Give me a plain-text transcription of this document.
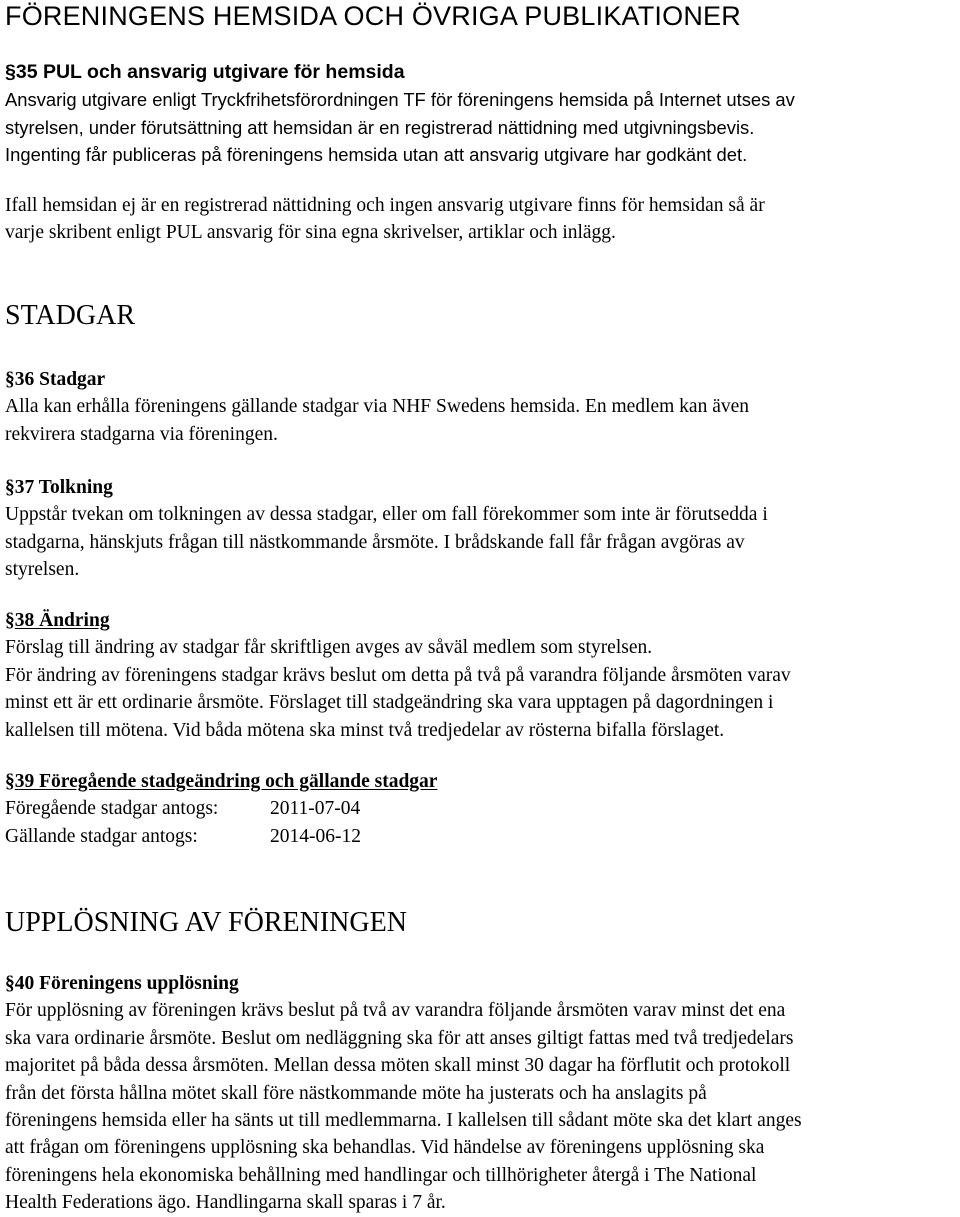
FÖRENINGENS HEMSIDA OCH ÖVRIGA PUBLIKATIONER
§35 PUL och ansvarig utgivare för hemsida
Ansvarig utgivare enligt Tryckfrihetsförordningen TF för föreningens hemsida på Internet utses av
styrelsen, under förutsättning att hemsidan är en registrerad nättidning med utgivningsbevis.
Ingenting får publiceras på föreningens hemsida utan att ansvarig utgivare har godkänt det.
Ifall hemsidan ej är en registrerad nättidning och ingen ansvarig utgivare finns för hemsidan så är
varje skribent enligt PUL ansvarig för sina egna skrivelser, artiklar och inlägg.
STADGAR
§36 Stadgar
Alla kan erhålla föreningens gällande stadgar via NHF Swedens hemsida. En medlem kan även
rekvirera stadgarna via föreningen.
§37 Tolkning
Uppstår tvekan om tolkningen av dessa stadgar, eller om fall förekommer som inte är förutsedda i
stadgarna, hänskjuts frågan till nästkommande årsmöte. I brådskande fall får frågan avgöras av
styrelsen.
§38 Ändring
Förslag till ändring av stadgar får skriftligen avges av såväl medlem som styrelsen.
För ändring av föreningens stadgar krävs beslut om detta på två på varandra följande årsmöten varav
minst ett är ett ordinarie årsmöte. Förslaget till stadgeändring ska vara upptagen på dagordningen i
kallelsen till mötena. Vid båda mötena ska minst två tredjedelar av rösterna bifalla förslaget.
§39 Föregående stadgeändring och gällande stadgar
Föregående stadgar antogs:	2011-07-04
Gällande stadgar antogs:	2014-06-12
UPPLÖSNING AV FÖRENINGEN
§40 Föreningens upplösning
För upplösning av föreningen krävs beslut på två av varandra följande årsmöten varav minst det ena
ska vara ordinarie årsmöte. Beslut om nedläggning ska för att anses giltigt fattas med två tredjedelars
majoritet på båda dessa årsmöten. Mellan dessa möten skall minst 30 dagar ha förflutit och protokoll
från det första hållna mötet skall före nästkommande möte ha justerats och ha anslagits på
föreningens hemsida eller ha sänts ut till medlemmarna. I kallelsen till sådant möte ska det klart anges
att frågan om föreningens upplösning ska behandlas. Vid händelse av föreningens upplösning ska
föreningens hela ekonomiska behållning med handlingar och tillhörigheter återgå i The National
Health Federations ägo. Handlingarna skall sparas i 7 år.
